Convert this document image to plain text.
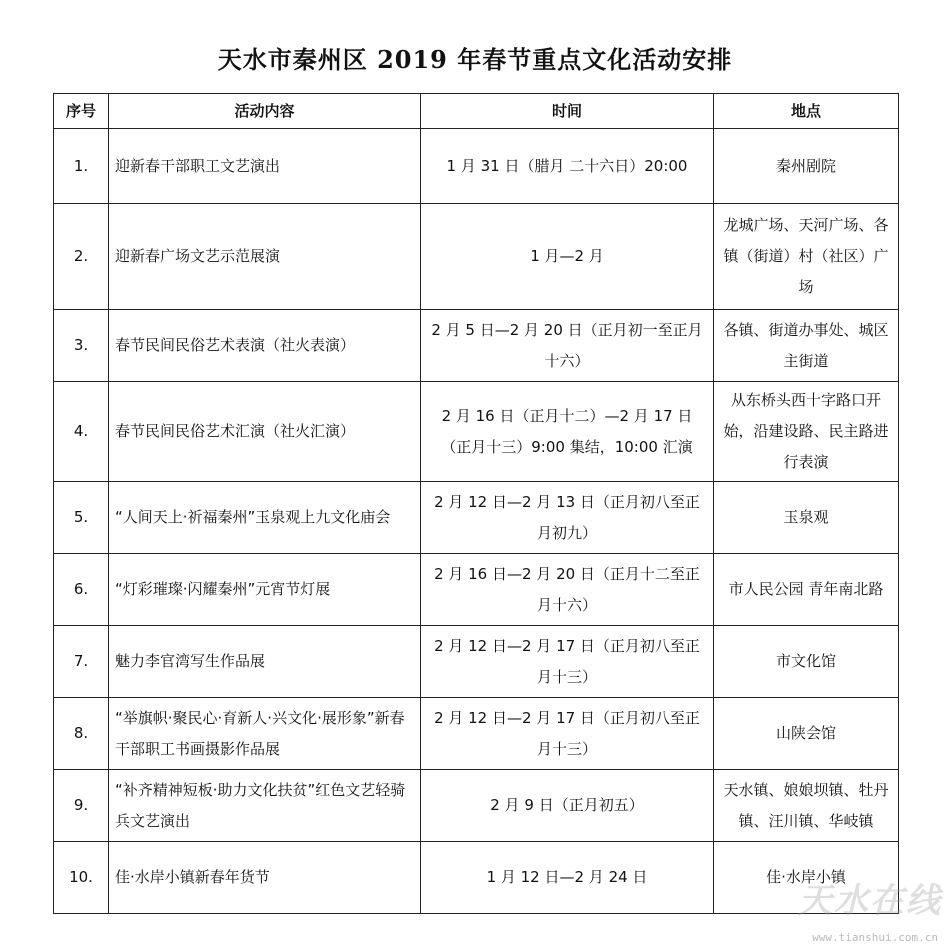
天水市秦州区 2019 年春节重点文化活动安排
序号	活动内容	时间	地点
1.	迎新春干部职工文艺演出	1 月 31 日（腊月 二十六日）20:00	秦州剧院
2.	迎新春广场文艺示范展演	1 月—2 月	龙城广场、天河广场、各镇（街道）村（社区）广场
3.	春节民间民俗艺术表演（社火表演）	2 月 5 日—2 月 20 日（正月初一至正月十六）	各镇、街道办事处、城区主街道
4.	春节民间民俗艺术汇演（社火汇演）	2 月 16 日（正月十二）—2 月 17 日（正月十三）9:00 集结，10:00 汇演	从东桥头西十字路口开始，沿建设路、民主路进行表演
5.	“人间天上·祈福秦州”玉泉观上九文化庙会	2 月 12 日—2 月 13 日（正月初八至正月初九）	玉泉观
6.	“灯彩璀璨·闪耀秦州”元宵节灯展	2 月 16 日—2 月 20 日（正月十二至正月十六）	市人民公园 青年南北路
7.	魅力李官湾写生作品展	2 月 12 日—2 月 17 日（正月初八至正月十三）	市文化馆
8.	“举旗帜·聚民心·育新人·兴文化·展形象”新春干部职工书画摄影作品展	2 月 12 日—2 月 17 日（正月初八至正月十三）	山陕会馆
9.	“补齐精神短板·助力文化扶贫”红色文艺轻骑兵文艺演出	2 月 9 日（正月初五）	天水镇、娘娘坝镇、牡丹镇、汪川镇、华岐镇
10.	佳·水岸小镇新春年货节	1 月 12 日—2 月 24 日	佳·水岸小镇
天水在线
www.tianshui.com.cn
